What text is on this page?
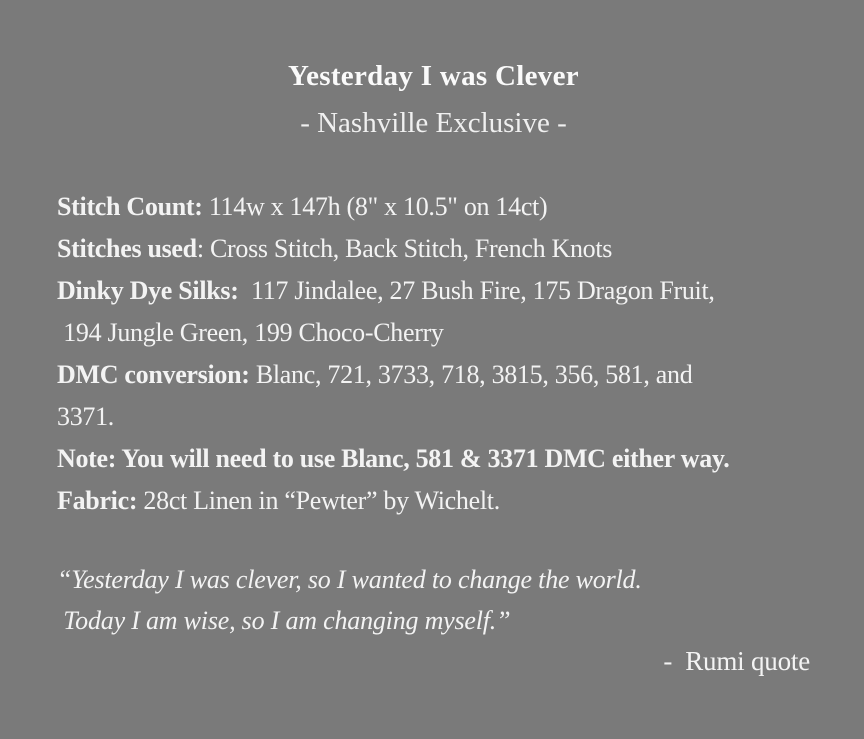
Yesterday I was Clever
- Nashville Exclusive -

Stitch Count: 114w x 147h (8" x 10.5" on 14ct)

Stitches used: Cross Stitch, Back Stitch, French Knots

Dinky Dye Silks:  117 Jindalee, 27 Bush Fire, 175 Dragon Fruit,

194 Jungle Green, 199 Choco-Cherry

DMC conversion: Blanc, 721, 3733, 718, 3815, 356, 581, and

3371.

Note: You will need to use Blanc, 581 & 3371 DMC either way.

Fabric: 28ct Linen in “Pewter” by Wichelt.

“Yesterday I was clever, so I wanted to change the world.

Today I am wise, so I am changing myself.”

-  Rumi quote
